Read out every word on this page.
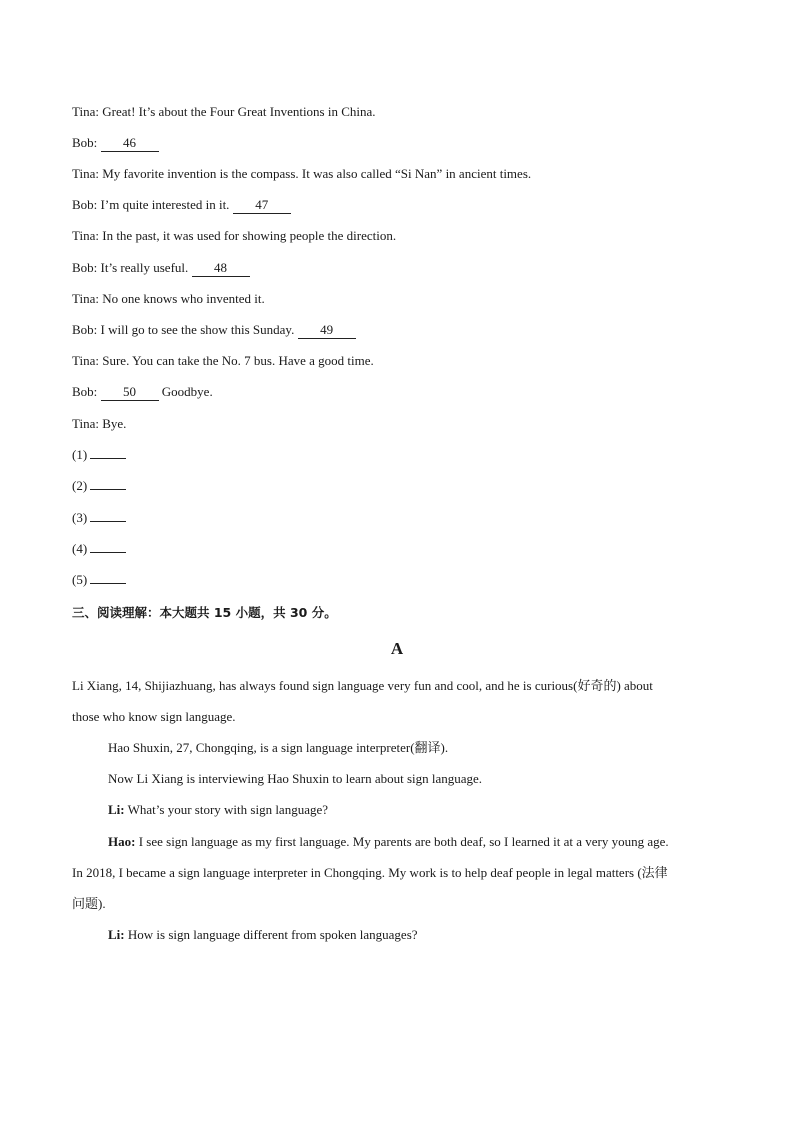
Tina: Great! It’s about the Four Great Inventions in China.
Bob: 46
Tina: My favorite invention is the compass. It was also called “Si Nan” in ancient times.
Bob: I’m quite interested in it. 47
Tina: In the past, it was used for showing people the direction.
Bob: It’s really useful. 48
Tina: No one knows who invented it.
Bob: I will go to see the show this Sunday. 49
Tina: Sure. You can take the No. 7 bus. Have a good time.
Bob: 50 Goodbye.
Tina: Bye.
(1)
(2)
(3)
(4)
(5)
三、阅读理解：本大题共 15 小题，共 30 分。
A
Li Xiang, 14, Shijiazhuang, has always found sign language very fun and cool, and he is curious(好奇的) about
those who know sign language.
Hao Shuxin, 27, Chongqing, is a sign language interpreter(翻译).
Now Li Xiang is interviewing Hao Shuxin to learn about sign language.
Li: What’s your story with sign language?
Hao: I see sign language as my first language. My parents are both deaf, so I learned it at a very young age.
In 2018, I became a sign language interpreter in Chongqing. My work is to help deaf people in legal matters (法律
问题).
Li: How is sign language different from spoken languages?
